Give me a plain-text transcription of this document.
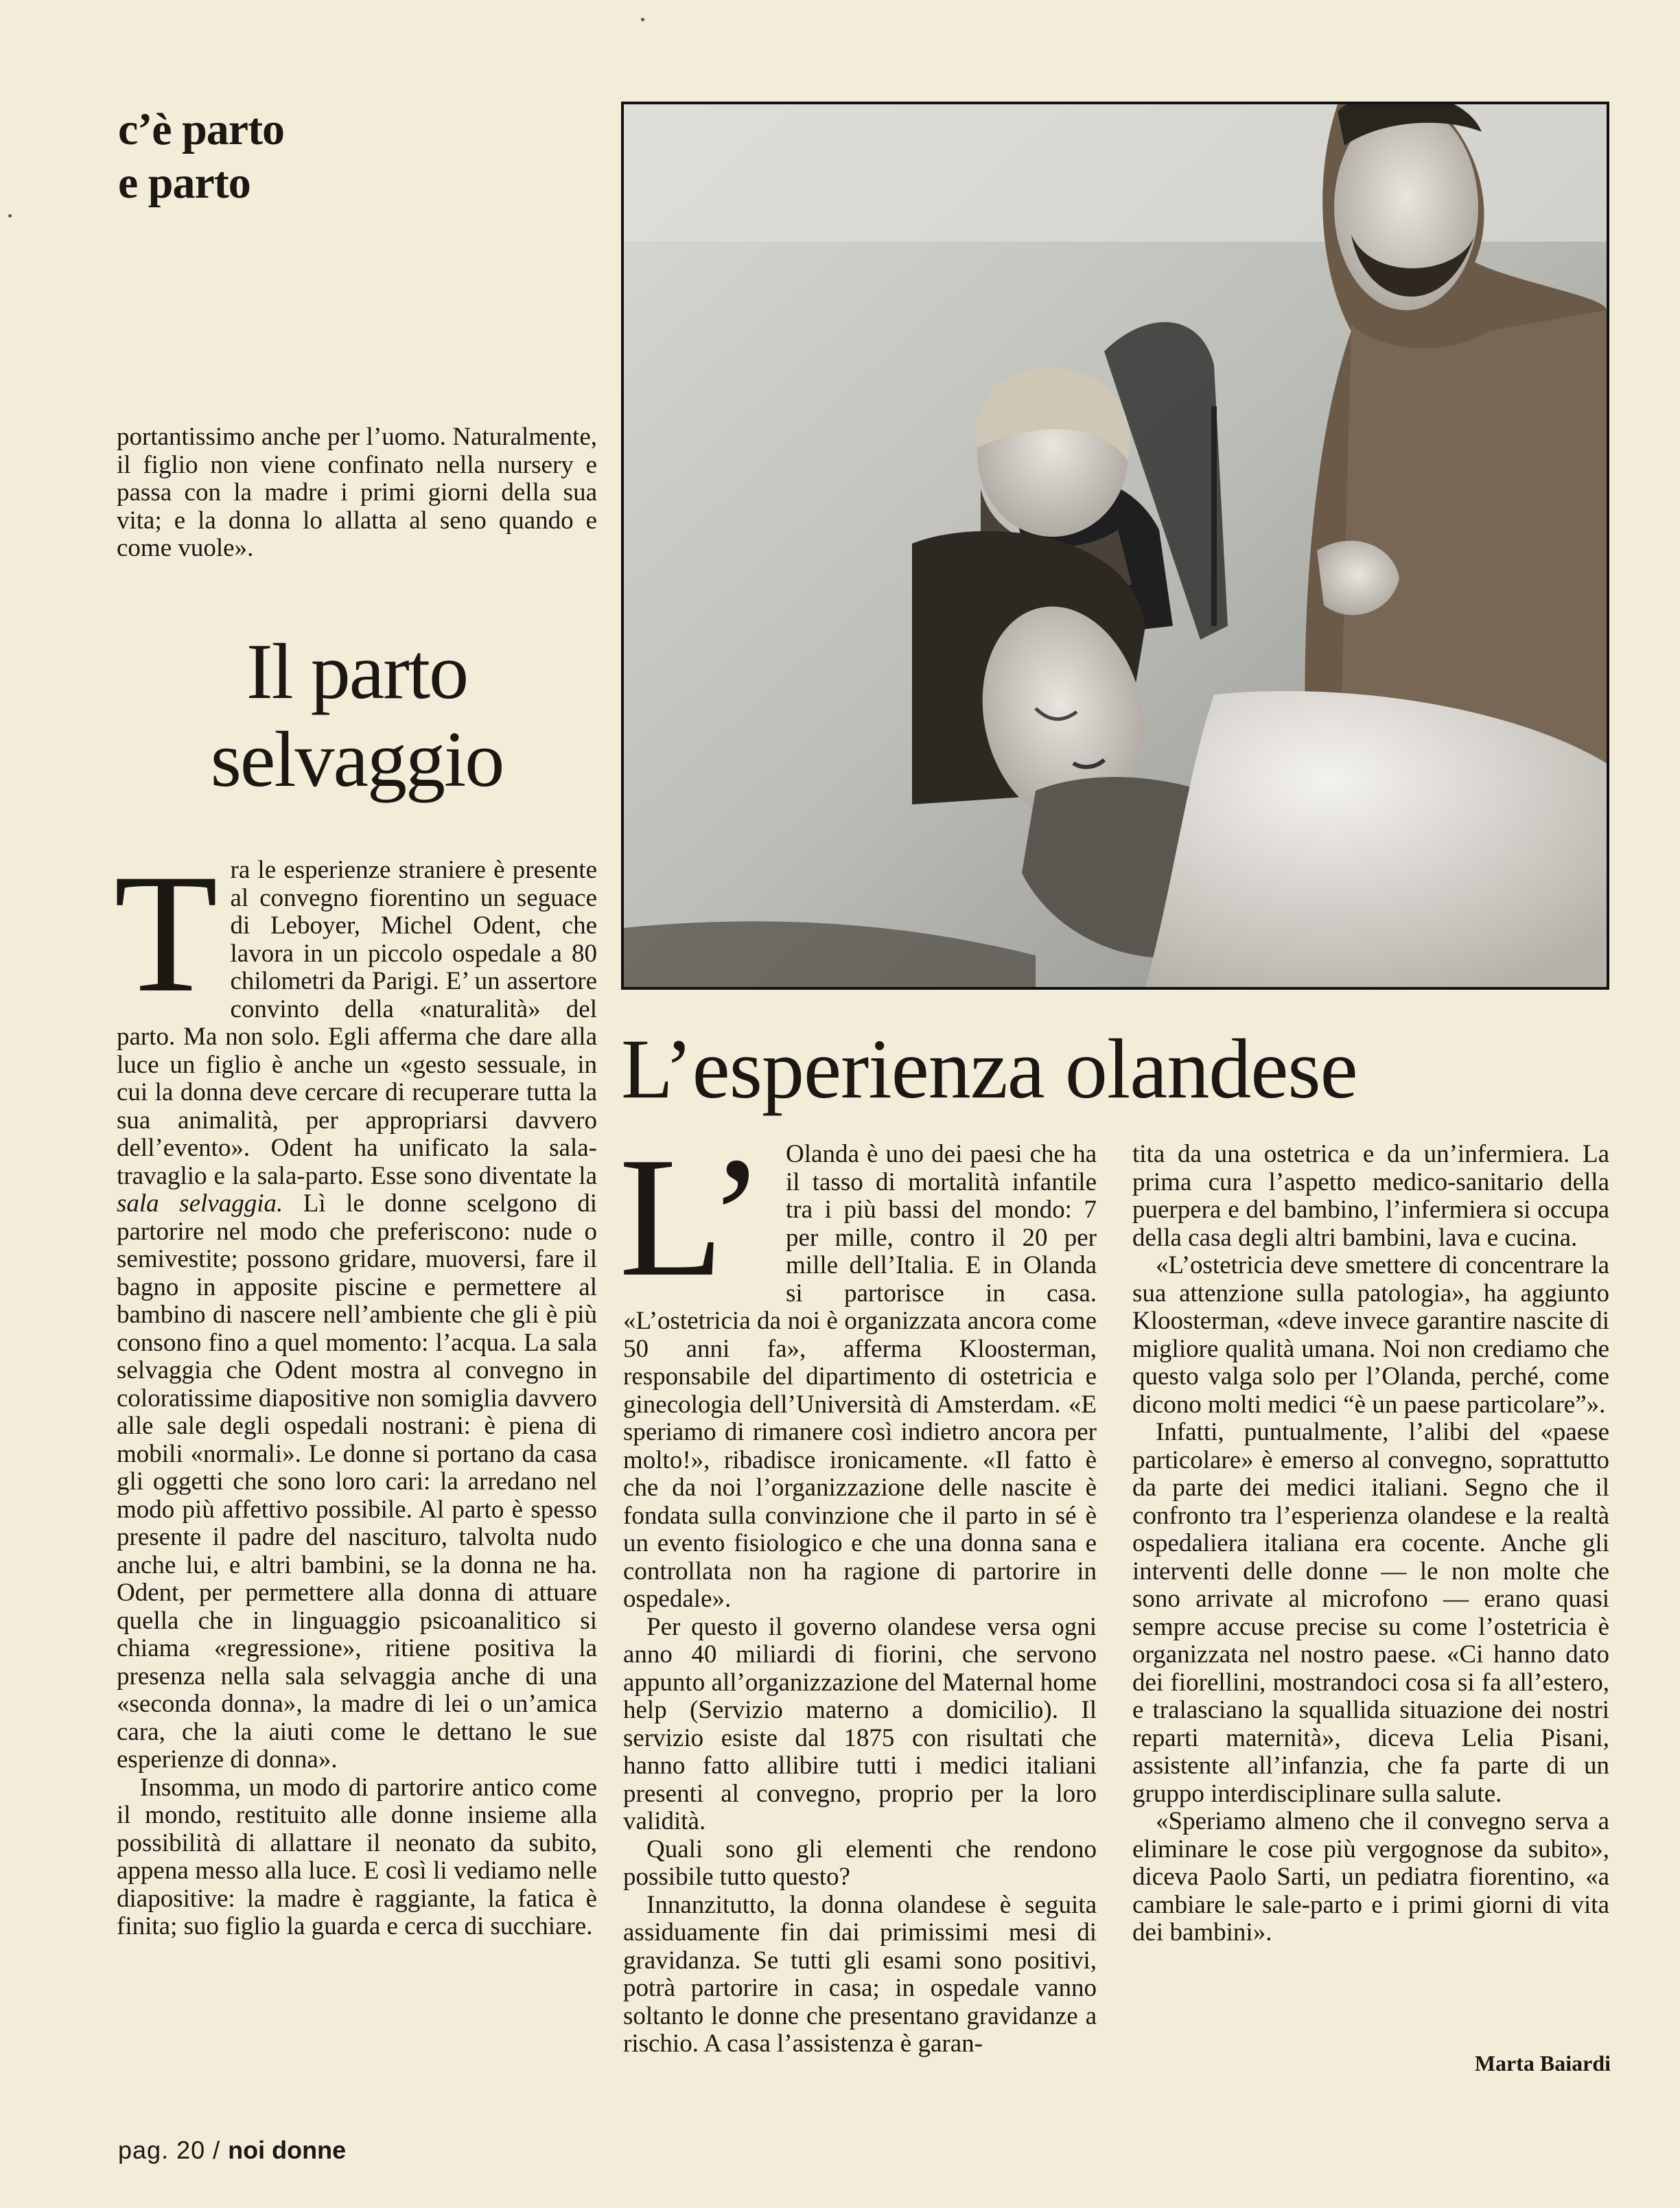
c’è parto
e parto

portantissimo anche per l’uomo. Naturalmente, il figlio non viene confinato nella nursery e passa con la madre i primi giorni della sua vita; e la donna lo allatta al seno quando e come vuole».

Il parto
selvaggio

T ra le esperienze straniere è presente al convegno fiorentino un seguace di Leboyer, Michel Odent, che lavora in un piccolo ospedale a 80 chilometri da Parigi. E’ un assertore convinto della «naturalità» del parto. Ma non solo. Egli afferma che dare alla luce un figlio è anche un «gesto sessuale, in cui la donna deve cercare di recuperare tutta la sua animalità, per appropriarsi davvero dell’evento». Odent ha unificato la sala-travaglio e la sala-parto. Esse sono diventate la sala selvaggia. Lì le donne scelgono di partorire nel modo che preferiscono: nude o semivestite; possono gridare, muoversi, fare il bagno in apposite piscine e permettere al bambino di nascere nell’ambiente che gli è più consono fino a quel momento: l’acqua. La sala selvaggia che Odent mostra al convegno in coloratissime diapositive non somiglia davvero alle sale degli ospedali nostrani: è piena di mobili «normali». Le donne si portano da casa gli oggetti che sono loro cari: la arredano nel modo più affettivo possibile. Al parto è spesso presente il padre del nascituro, talvolta nudo anche lui, e altri bambini, se la donna ne ha. Odent, per permettere alla donna di attuare quella che in linguaggio psicoanalitico si chiama «regressione», ritiene positiva la presenza nella sala selvaggia anche di una «seconda donna», la madre di lei o un’amica cara, che la aiuti come le dettano le sue esperienze di donna».

Insomma, un modo di partorire antico come il mondo, restituito alle donne insieme alla possibilità di allattare il neonato da subito, appena messo alla luce. E così li vediamo nelle diapositive: la madre è raggiante, la fatica è finita; suo figlio la guarda e cerca di succhiare.

L’esperienza olandese

L’ Olanda è uno dei paesi che ha il tasso di mortalità infantile tra i più bassi del mondo: 7 per mille, contro il 20 per mille dell’Italia. E in Olanda si partorisce in casa. «L’ostetricia da noi è organizzata ancora come 50 anni fa», afferma Kloosterman, responsabile del dipartimento di ostetricia e ginecologia dell’Università di Amsterdam. «E speriamo di rimanere così indietro ancora per molto!», ribadisce ironicamente. «Il fatto è che da noi l’organizzazione delle nascite è fondata sulla convinzione che il parto in sé è un evento fisiologico e che una donna sana e controllata non ha ragione di partorire in ospedale».

Per questo il governo olandese versa ogni anno 40 miliardi di fiorini, che servono appunto all’organizzazione del Maternal home help (Servizio materno a domicilio). Il servizio esiste dal 1875 con risultati che hanno fatto allibire tutti i medici italiani presenti al convegno, proprio per la loro validità.

Quali sono gli elementi che rendono possibile tutto questo?

Innanzitutto, la donna olandese è seguita assiduamente fin dai primissimi mesi di gravidanza. Se tutti gli esami sono positivi, potrà partorire in casa; in ospedale vanno soltanto le donne che presentano gravidanze a rischio. A casa l’assistenza è garan-

tita da una ostetrica e da un’infermiera. La prima cura l’aspetto medico-sanitario della puerpera e del bambino, l’infermiera si occupa della casa degli altri bambini, lava e cucina.

«L’ostetricia deve smettere di concentrare la sua attenzione sulla patologia», ha aggiunto Kloosterman, «deve invece garantire nascite di migliore qualità umana. Noi non crediamo che questo valga solo per l’Olanda, perché, come dicono molti medici “è un paese particolare”».

Infatti, puntualmente, l’alibi del «paese particolare» è emerso al convegno, soprattutto da parte dei medici italiani. Segno che il confronto tra l’esperienza olandese e la realtà ospedaliera italiana era cocente. Anche gli interventi delle donne — le non molte che sono arrivate al microfono — erano quasi sempre accuse precise su come l’ostetricia è organizzata nel nostro paese. «Ci hanno dato dei fiorellini, mostrandoci cosa si fa all’estero, e tralasciano la squallida situazione dei nostri reparti maternità», diceva Lelia Pisani, assistente all’infanzia, che fa parte di un gruppo interdisciplinare sulla salute.

«Speriamo almeno che il convegno serva a eliminare le cose più vergognose da subito», diceva Paolo Sarti, un pediatra fiorentino, «a cambiare le sale-parto e i primi giorni di vita dei bambini».

Marta Baiardi
pag. 20 / noi donne
